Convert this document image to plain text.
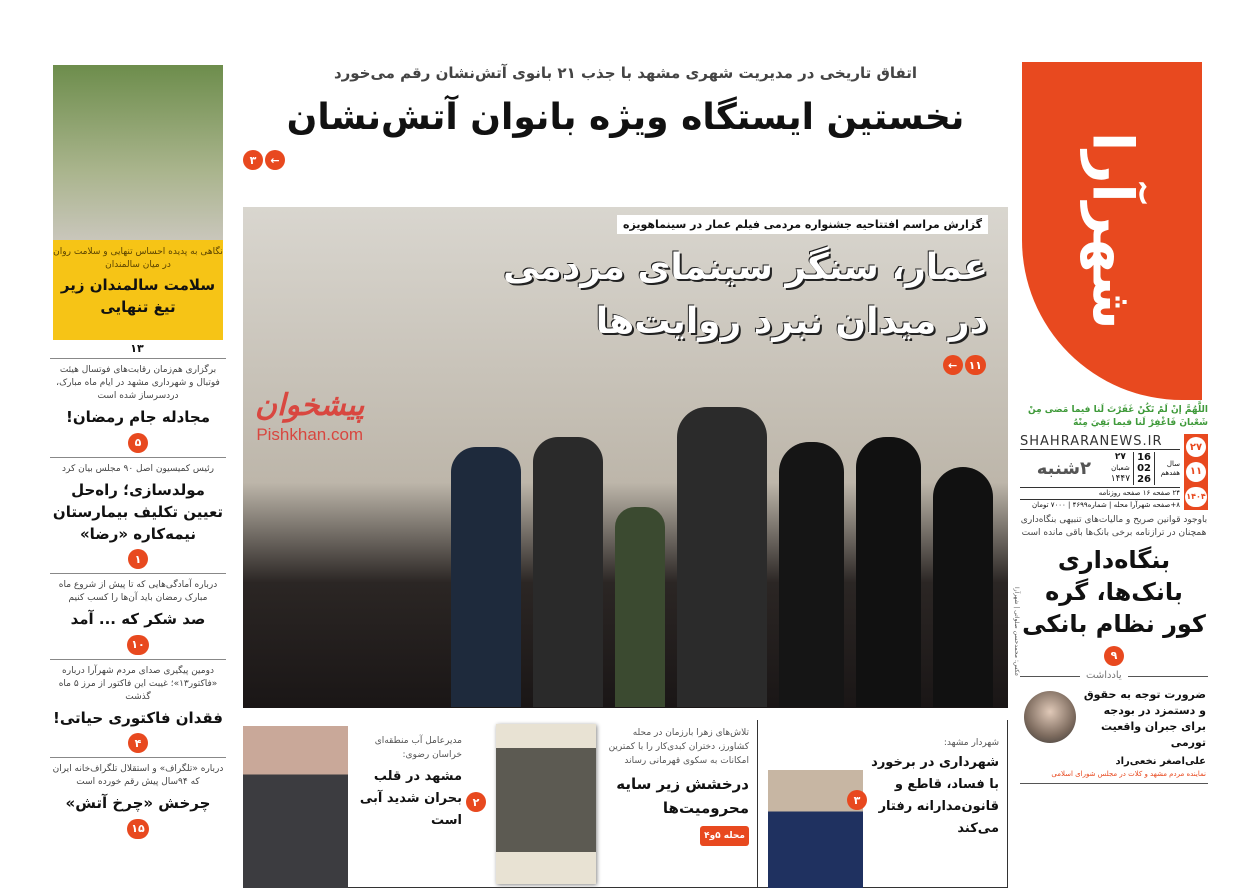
شهرآرا
اللَّهُمَّ إنْ لَمْ تَكُنْ غَفَرْتَ لَنا فيما مَضى مِنْ شَعْبانَ فَاغْفِرْ لَنا فيما بَقِيَ مِنْهُ
۲۷
۱۱
۱۴۰۴
SHAHRARANEWS.IR
سال هفدهم
16
02
26
۲۷
شعبان
۱۴۴۷
۲شنبه
۲۴ صفحه ۱۶ صفحه روزنامه
۸+صفحه شهرآرا محله | شماره۴۶۹۹ | ۷۰۰۰ تومان
باوجود قوانین صریح و مالیات‌های تنبیهی بنگاه‌داری همچنان در ترازنامه برخی بانک‌ها باقی مانده است
بنگاه‌داری بانک‌ها، گره کور نظام بانکی
۹
یادداشت
ضرورت توجه به حقوق و دستمزد در بودجه برای جبران واقعیت تورمی
علی‌اصغر نخعی‌راد
نماینده مردم مشهد و کلات در مجلس شورای اسلامی
اتفاق تاریخی در مدیریت شهری مشهد با جذب ۲۱ بانوی آتش‌نشان رقم می‌خورد
نخستین ایستگاه ویژه بانوان آتش‌نشان
۳	←
گزارش مراسم افتتاحیه جشنواره مردمی فیلم عمار در سینماهویزه
عمار، سنگر سینمای مردمی
در میدان نبرد روایت‌ها
۱۱
←
عکس: محمدحسن صلواتی | شهرآرا
پیشخوان
Pishkhan.com
شهردار مشهد:
شهرداری در برخورد با فساد، قاطع و قانون‌مدارانه رفتار می‌کند
۳
تلاش‌های زهرا بارزمان در محله کشاورز، دختران کبدی‌کار را با کمترین امکانات به سکوی قهرمانی رساند
درخشش زیر سایه محرومیت‌ها
محله ۵و۴
مدیرعامل آب منطقه‌ای خراسان رضوی:
مشهد در قلب بحران شدید آبی است
۲
نگاهی به پدیده احساس تنهایی و سلامت روان در میان سالمندان
سلامت سالمندان زیر تیغ تنهایی
۱۳
برگزاری هم‌زمان رقابت‌های فوتسال هیئت فوتبال و شهرداری مشهد در ایام ماه مبارک، دردسرساز شده است
مجادله جام رمضان!
۵
رئیس کمیسیون اصل ۹۰ مجلس بیان کرد
مولدسازی؛ راه‌حل تعیین تکلیف بیمارستان نیمه‌کاره «رضا»
۱
درباره آمادگی‌هایی که تا پیش از شروع ماه مبارک رمضان باید آن‌ها را کسب کنیم
صد شکر که ... آمد
۱۰
دومین پیگیری صدای مردم شهرآرا درباره «فاکتور۱۳»؛ غیبت این فاکتور از مرز ۵ ماه گذشت
فقدان فاکتوری حیاتی!
۴
درباره «تلگراف» و استقلال تلگراف‌خانه ایران که ۹۴سال پیش رقم خورده است
چرخش «چرخ آتش»
۱۵
